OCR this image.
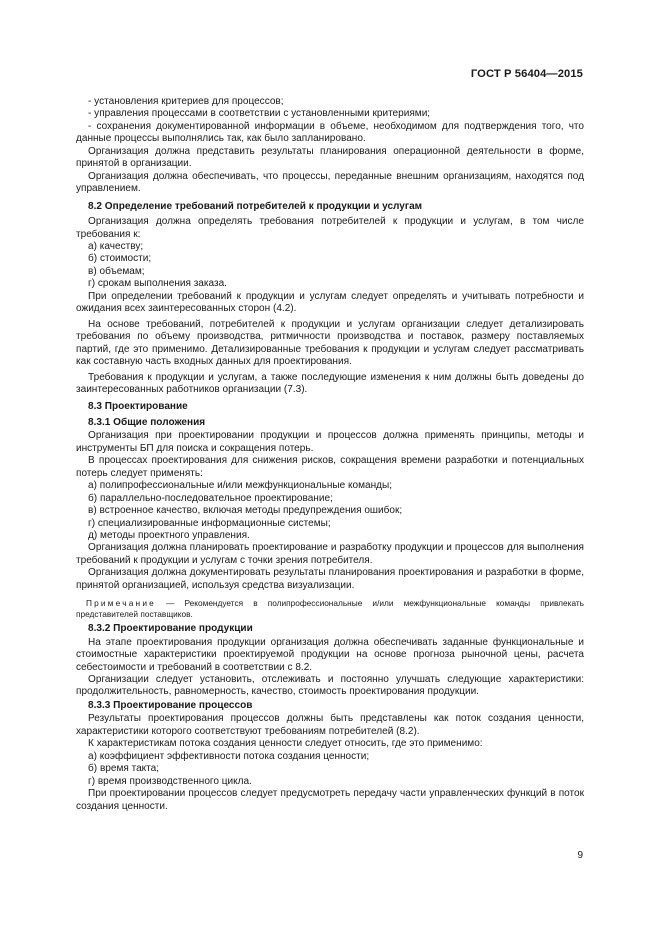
ГОСТ Р 56404—2015

- установления критериев для процессов;

- управления процессами в соответствии с установленными критериями;

- сохранения документированной информации в объеме, необходимом для подтверждения того, что данные процессы выполнялись так, как было запланировано.

Организация должна представить результаты планирования операционной деятельности в форме, принятой в организации.

Организация должна обеспечивать, что процессы, переданные внешним организациям, находятся под управлением.

8.2 Определение требований потребителей к продукции и услугам

Организация должна определять требования потребителей к продукции и услугам, в том числе требования к:

а) качеству;

б) стоимости;

в) объемам;

г) срокам выполнения заказа.

При определении требований к продукции и услугам следует определять и учитывать потребности и ожидания всех заинтересованных сторон (4.2).

На основе требований, потребителей к продукции и услугам организации следует детализировать требования по объему производства, ритмичности производства и поставок, размеру поставляемых партий, где это применимо. Детализированные требования к продукции и услугам следует рассматривать как составную часть входных данных для проектирования.

Требования к продукции и услугам, а также последующие изменения к ним должны быть доведены до заинтересованных работников организации (7.3).

8.3 Проектирование

8.3.1 Общие положения

Организация при проектировании продукции и процессов должна применять принципы, методы и инструменты БП для поиска и сокращения потерь.

В процессах проектирования для снижения рисков, сокращения времени разработки и потенциальных потерь следует применять:

а) полипрофессиональные и/или межфункциональные команды;

б) параллельно-последовательное проектирование;

в) встроенное качество, включая методы предупреждения ошибок;

г) специализированные информационные системы;

д) методы проектного управления.

Организация должна планировать проектирование и разработку продукции и процессов для выполнения требований к продукции и услугам с точки зрения потребителя.

Организация должна документировать результаты планирования проектирования и разработки в форме, принятой организацией, используя средства визуализации.

Примечание — Рекомендуется в полипрофессиональные и/или межфункциональные команды привлекать представителей поставщиков.

8.3.2 Проектирование продукции

На этапе проектирования продукции организация должна обеспечивать заданные функциональные и стоимостные характеристики проектируемой продукции на основе прогноза рыночной цены, расчета себестоимости и требований в соответствии с 8.2.

Организации следует установить, отслеживать и постоянно улучшать следующие характеристики: продолжительность, равномерность, качество, стоимость проектирования продукции.

8.3.3 Проектирование процессов

Результаты проектирования процессов должны быть представлены как поток создания ценности, характеристики которого соответствуют требованиям потребителей (8.2).

К характеристикам потока создания ценности следует относить, где это применимо:

а) коэффициент эффективности потока создания ценности;

б) время такта;

г) время производственного цикла.

При проектировании процессов следует предусмотреть передачу части управленческих функций в поток создания ценности.

9
